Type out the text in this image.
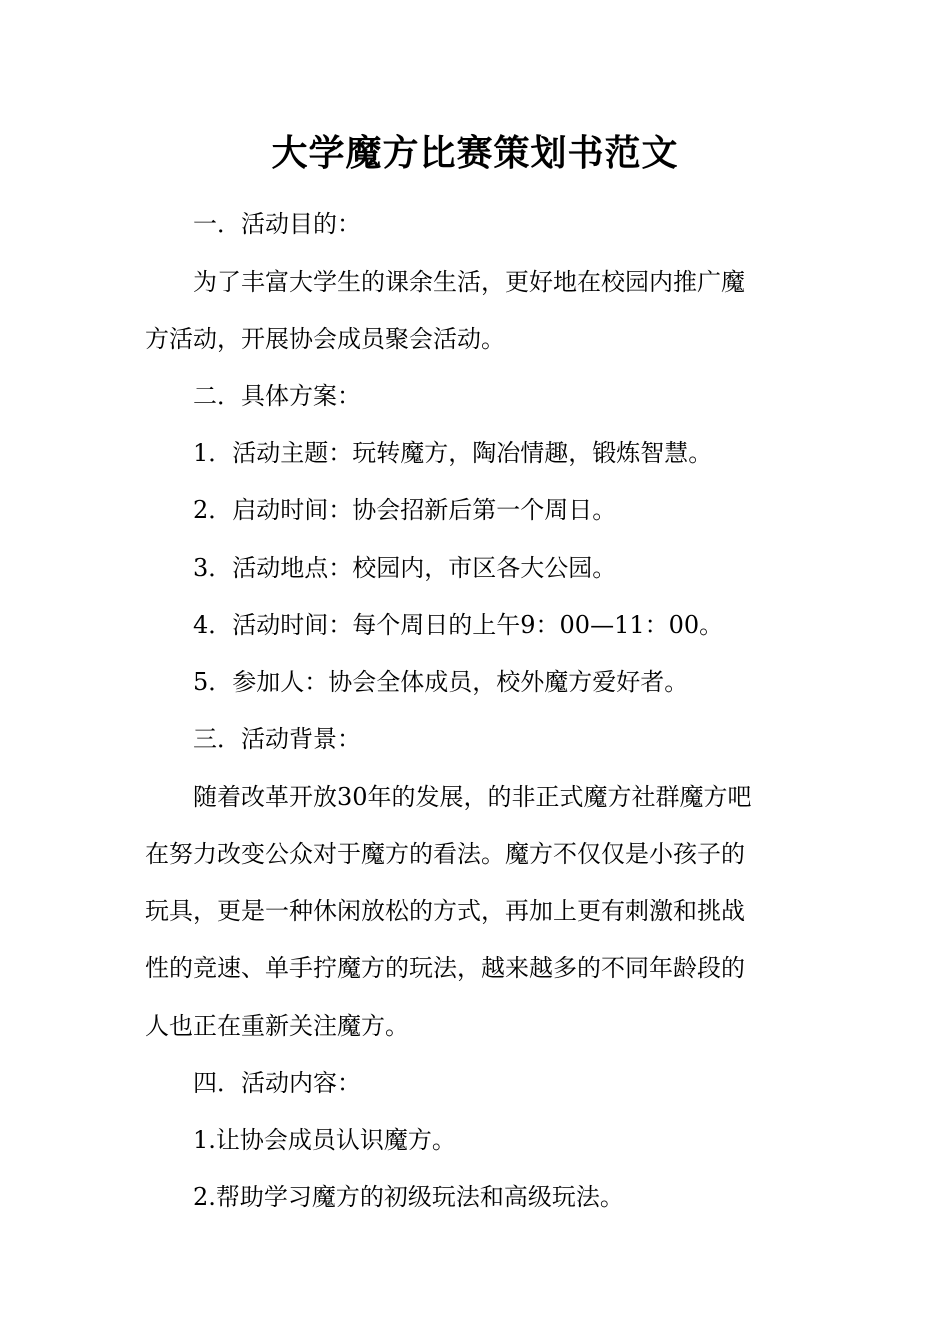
大学魔方比赛策划书范文
一．活动目的：
为了丰富大学生的课余生活，更好地在校园内推广魔
方活动，开展协会成员聚会活动。
二．具体方案：
1．活动主题：玩转魔方，陶冶情趣，锻炼智慧。
2．启动时间：协会招新后第一个周日。
3．活动地点：校园内，市区各大公园。
4．活动时间：每个周日的上午9：00—11：00。
5．参加人：协会全体成员，校外魔方爱好者。
三．活动背景：
随着改革开放30年的发展，的非正式魔方社群魔方吧
在努力改变公众对于魔方的看法。魔方不仅仅是小孩子的
玩具，更是一种休闲放松的方式，再加上更有刺激和挑战
性的竞速、单手拧魔方的玩法，越来越多的不同年龄段的
人也正在重新关注魔方。
四．活动内容：
1.让协会成员认识魔方。
2.帮助学习魔方的初级玩法和高级玩法。
